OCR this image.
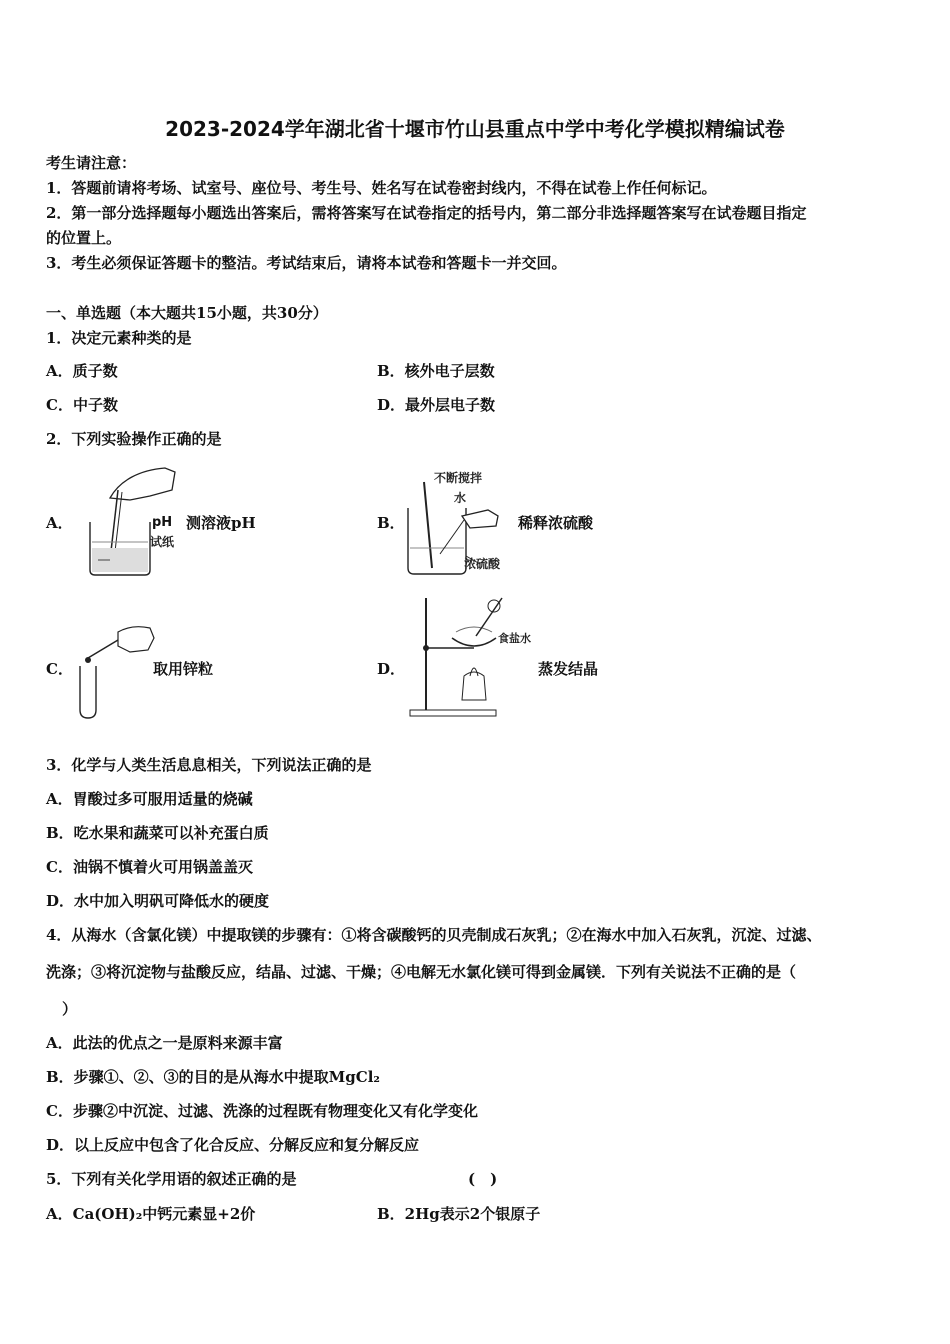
2023-2024学年湖北省十堰市竹山县重点中学中考化学模拟精编试卷
考生请注意：
1．答题前请将考场、试室号、座位号、考生号、姓名写在试卷密封线内，不得在试卷上作任何标记。
2．第一部分选择题每小题选出答案后，需将答案写在试卷指定的括号内，第二部分非选择题答案写在试卷题目指定
的位置上。
3．考生必须保证答题卡的整洁。考试结束后，请将本试卷和答题卡一并交回。
一、单选题（本大题共15小题，共30分）
1．决定元素种类的是
A．质子数	B．核外电子层数
C．中子数	D．最外层电子数
2．下列实验操作正确的是
A．	pH
试纸
测溶液pH	B．
不断搅拌
水
浓硫酸
稀释浓硫酸
C．	取用锌粒	D．
食盐水
蒸发结晶
3．化学与人类生活息息相关，下列说法正确的是
A．胃酸过多可服用适量的烧碱
B．吃水果和蔬菜可以补充蛋白质
C．油锅不慎着火可用锅盖盖灭
D．水中加入明矾可降低水的硬度
4．从海水（含氯化镁）中提取镁的步骤有：①将含碳酸钙的贝壳制成石灰乳；②在海水中加入石灰乳，沉淀、过滤、
洗涤；③将沉淀物与盐酸反应，结晶、过滤、干燥；④电解无水氯化镁可得到金属镁．下列有关说法不正确的是（
）
A．此法的优点之一是原料来源丰富
B．步骤①、②、③的目的是从海水中提取MgCl₂
C．步骤②中沉淀、过滤、洗涤的过程既有物理变化又有化学变化
D．以上反应中包含了化合反应、分解反应和复分解反应
5．下列有关化学用语的叙述正确的是	(　)
A．Ca(OH)₂中钙元素显+2价	B．2Hg表示2个银原子
